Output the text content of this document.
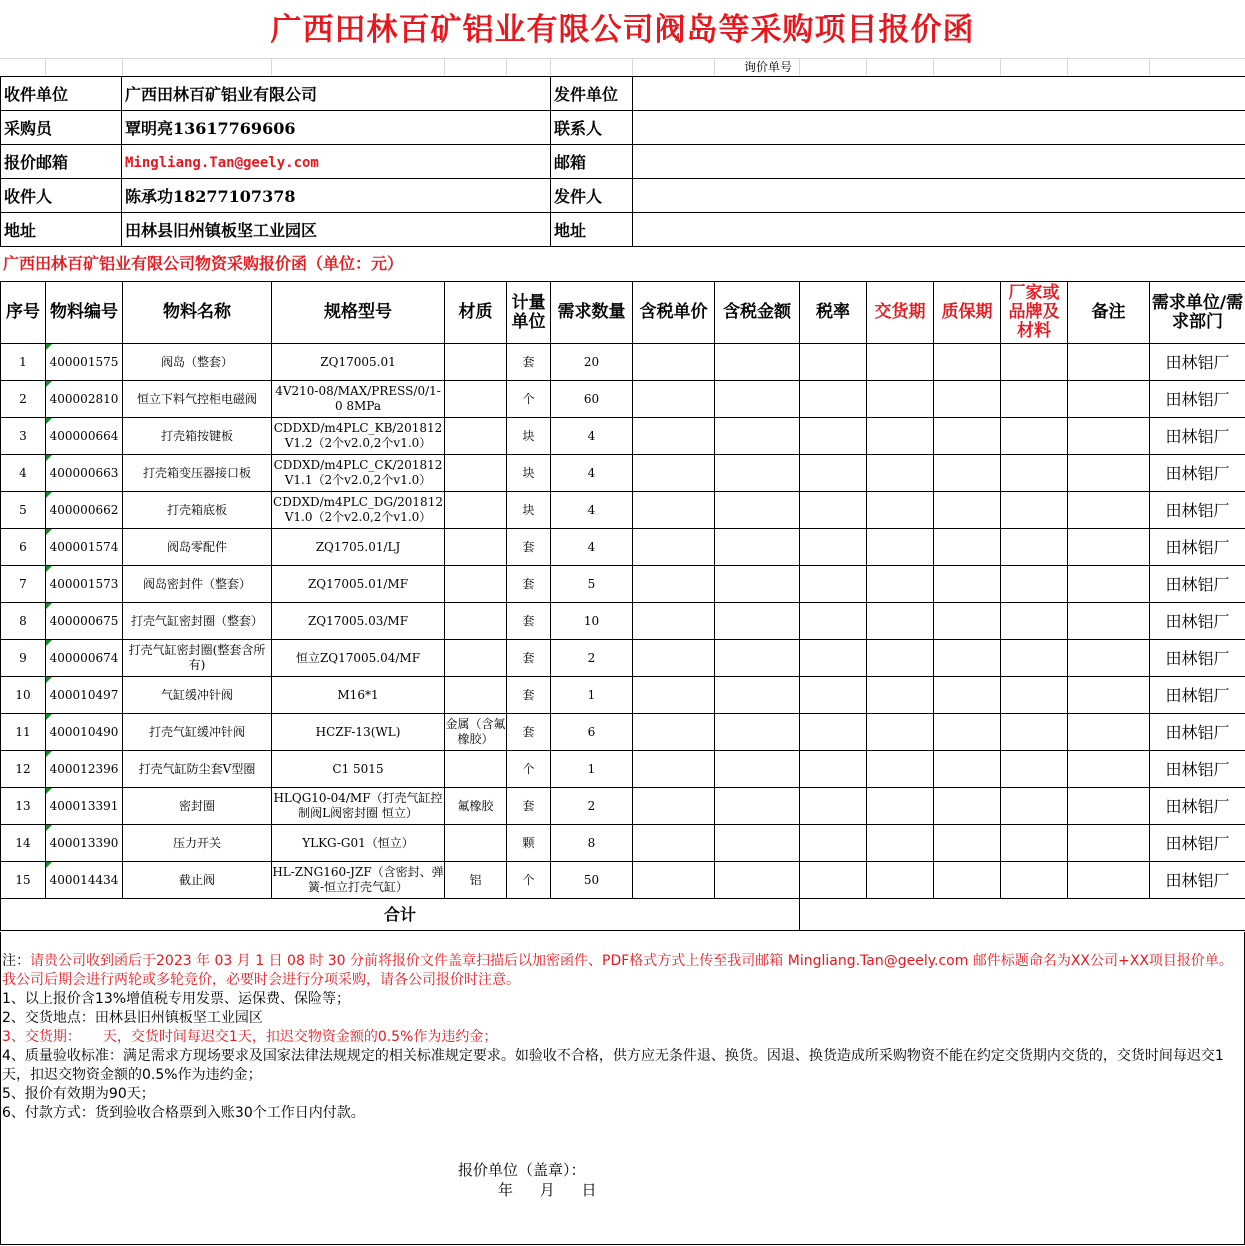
广西田林百矿铝业有限公司阀岛等采购项目报价函
询价单号
收件单位	广西田林百矿铝业有限公司	发件单位	
采购员	覃明亮13617769606	联系人	
报价邮箱	Mingliang.Tan@geely.com	邮箱	
收件人	陈承功18277107378	发件人	
地址	田林县旧州镇板坚工业园区	地址	
广西田林百矿铝业有限公司物资采购报价函（单位：元）
序号	物料编号	物料名称	规格型号	材质	计量单位	需求数量	含税单价	含税金额	税率	交货期	质保期	厂家或品牌及材料	备注	需求单位/需求部门
1	400001575	阀岛（整套）	ZQ17005.01		套	20								田林铝厂
2	400002810	恒立下料气控柜电磁阀	4V210-08/MAX/PRESS/0/1-0 8MPa		个	60								田林铝厂
3	400000664	打壳箱按键板	CDDXD/m4PLC_KB/201812 V1.2（2个v2.0,2个v1.0）		块	4								田林铝厂
4	400000663	打壳箱变压器接口板	CDDXD/m4PLC_CK/201812 V1.1（2个v2.0,2个v1.0）		块	4								田林铝厂
5	400000662	打壳箱底板	CDDXD/m4PLC_DG/201812 V1.0（2个v2.0,2个v1.0）		块	4								田林铝厂
6	400001574	阀岛零配件	ZQ1705.01/LJ		套	4								田林铝厂
7	400001573	阀岛密封件（整套）	ZQ17005.01/MF		套	5								田林铝厂
8	400000675	打壳气缸密封圈（整套）	ZQ17005.03/MF		套	10								田林铝厂
9	400000674	打壳气缸密封圈(整套含所有)	恒立ZQ17005.04/MF		套	2								田林铝厂
10	400010497	气缸缓冲针阀	M16*1		套	1								田林铝厂
11	400010490	打壳气缸缓冲针阀	HCZF-13(WL)	金属（含氟橡胶）	套	6								田林铝厂
12	400012396	打壳气缸防尘套V型圈	C1 5015		个	1								田林铝厂
13	400013391	密封圈	HLQG10-04/MF（打壳气缸控制阀L阀密封圈 恒立）	氟橡胶	套	2								田林铝厂
14	400013390	压力开关	YLKG-G01（恒立）		颗	8								田林铝厂
15	400014434	截止阀	HL-ZNG160-JZF（含密封、弹簧-恒立打壳气缸）	铝	个	50								田林铝厂
合计														
注：请贵公司收到函后于2023 年 03 月 1 日 08 时 30 分前将报价文件盖章扫描后以加密函件、PDF格式方式上传至我司邮箱 Mingliang.Tan@geely.com 邮件标题命名为XX公司+XX项目报价单。我公司后期会进行两轮或多轮竞价，必要时会进行分项采购，请各公司报价时注意。
1、以上报价含13%增值税专用发票、运保费、保险等；
2、交货地点：田林县旧州镇板坚工业园区
3、交货期： 天，交货时间每迟交1天，扣迟交物资金额的0.5%作为违约金；
4、质量验收标准：满足需求方现场要求及国家法律法规规定的相关标准规定要求。如验收不合格，供方应无条件退、换货。因退、换货造成所采购物资不能在约定交货期内交货的，交货时间每迟交1天，扣迟交物资金额的0.5%作为违约金；
5、报价有效期为90天；
6、付款方式：货到验收合格票到入账30个工作日内付款。
报价单位（盖章）：
年 月 日
